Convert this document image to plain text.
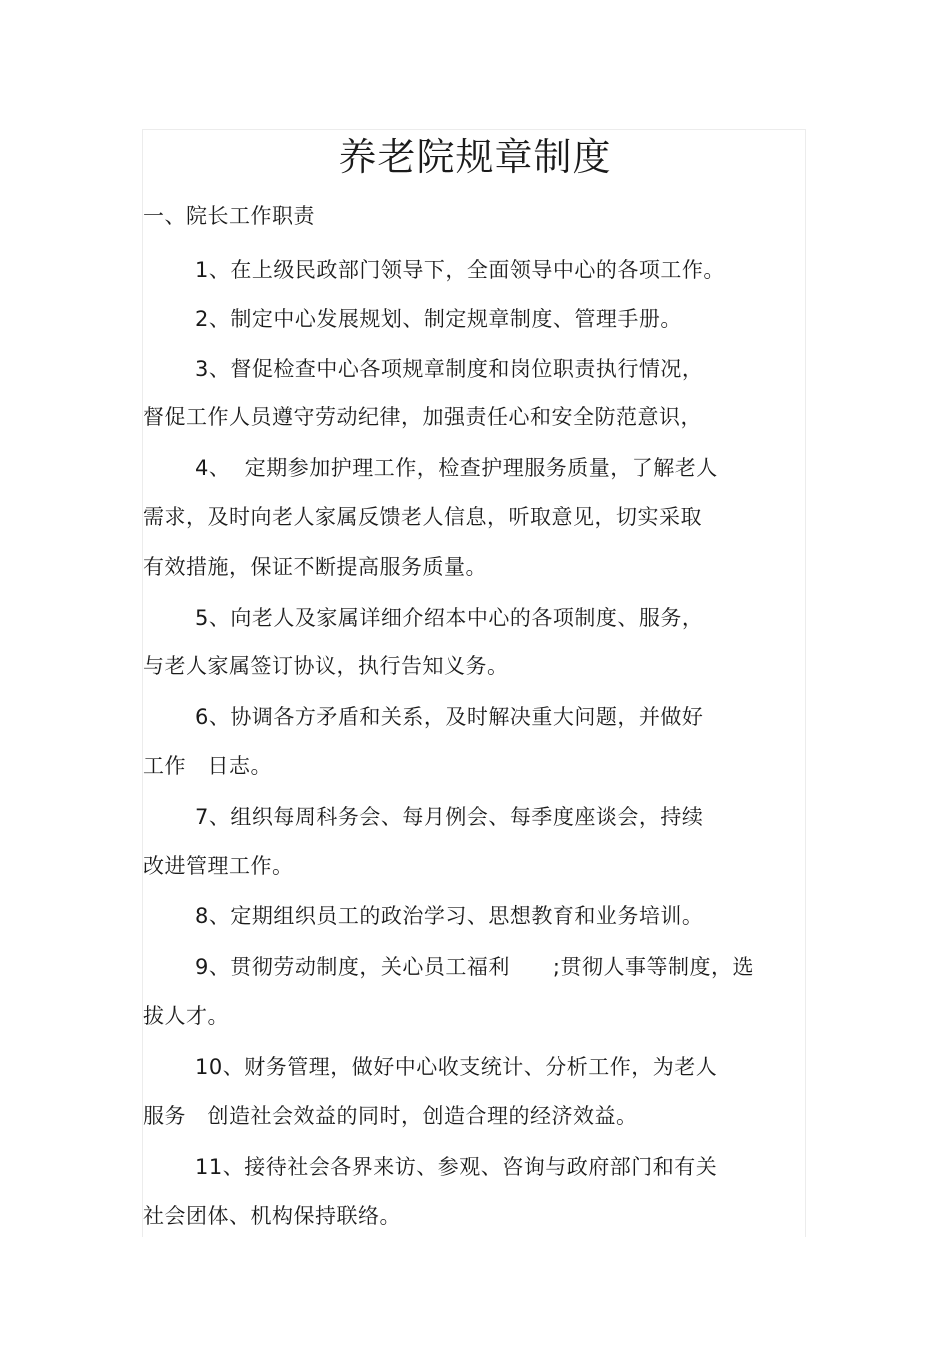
养老院规章制度
一、院长工作职责
1、在上级民政部门领导下，全面领导中心的各项工作。
2、制定中心发展规划、制定规章制度、管理手册。
3、督促检查中心各项规章制度和岗位职责执行情况，
督促工作人员遵守劳动纪律，加强责任心和安全防范意识，
4、  定期参加护理工作，检查护理服务质量，了解老人
需求，及时向老人家属反馈老人信息，听取意见，切实采取
有效措施，保证不断提高服务质量。
5、向老人及家属详细介绍本中心的各项制度、服务，
与老人家属签订协议，执行告知义务。
6、协调各方矛盾和关系，及时解决重大问题，并做好
工作   日志。
7、组织每周科务会、每月例会、每季度座谈会，持续
改进管理工作。
8、定期组织员工的政治学习、思想教育和业务培训。
9、贯彻劳动制度，关心员工福利      ;贯彻人事等制度，选
拔人才。
10、财务管理，做好中心收支统计、分析工作，为老人
服务   创造社会效益的同时，创造合理的经济效益。
11、接待社会各界来访、参观、咨询与政府部门和有关
社会团体、机构保持联络。
